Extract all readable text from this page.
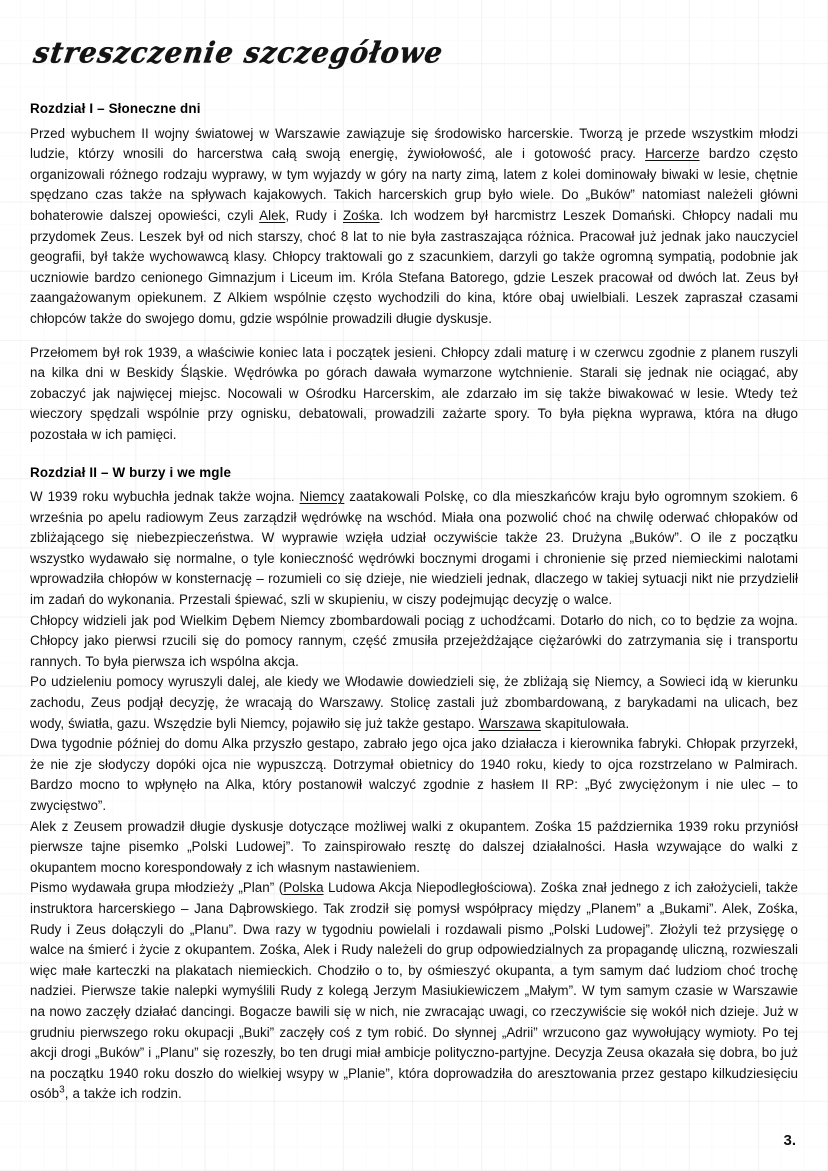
streszczenie szczegółowe
Rozdział I – Słoneczne dni

Przed wybuchem II wojny światowej w Warszawie zawiązuje się środowisko harcerskie. Tworzą je przede wszystkim młodzi ludzie, którzy wnosili do harcerstwa całą swoją energię, żywiołowość, ale i gotowość pracy. Harcerze bardzo często organizowali różnego rodzaju wyprawy, w tym wyjazdy w góry na narty zimą, latem z kolei dominowały biwaki w lesie, chętnie spędzano czas także na spływach kajakowych. Takich harcerskich grup było wiele. Do „Buków” natomiast należeli główni bohaterowie dalszej opowieści, czyli Alek, Rudy i Zośka. Ich wodzem był harcmistrz Leszek Domański. Chłopcy nadali mu przydomek Zeus. Leszek był od nich starszy, choć 8 lat to nie była zastraszająca różnica. Pracował już jednak jako nauczyciel geografii, był także wychowawcą klasy. Chłopcy traktowali go z szacunkiem, darzyli go także ogromną sympatią, podobnie jak uczniowie bardzo cenionego Gimnazjum i Liceum im. Króla Stefana Batorego, gdzie Leszek pracował od dwóch lat. Zeus był zaangażowanym opiekunem. Z Alkiem wspólnie często wychodzili do kina, które obaj uwielbiali. Leszek zapraszał czasami chłopców także do swojego domu, gdzie wspólnie prowadzili długie dyskusje.

Przełomem był rok 1939, a właściwie koniec lata i początek jesieni. Chłopcy zdali maturę i w czerwcu zgodnie z planem ruszyli na kilka dni w Beskidy Śląskie. Wędrówka po górach dawała wymarzone wytchnienie. Starali się jednak nie ociągać, aby zobaczyć jak najwięcej miejsc. Nocowali w Ośrodku Harcerskim, ale zdarzało im się także biwakować w lesie. Wtedy też wieczory spędzali wspólnie przy ognisku, debatowali, prowadzili zażarte spory. To była piękna wyprawa, która na długo pozostała w ich pamięci.

Rozdział II – W burzy i we mgle

W 1939 roku wybuchła jednak także wojna. Niemcy zaatakowali Polskę, co dla mieszkańców kraju było ogromnym szokiem. 6 września po apelu radiowym Zeus zarządził wędrówkę na wschód. Miała ona pozwolić choć na chwilę oderwać chłopaków od zbliżającego się niebezpieczeństwa. W wyprawie wzięła udział oczywiście także 23. Drużyna „Buków”. O ile z początku wszystko wydawało się normalne, o tyle konieczność wędrówki bocznymi drogami i chronienie się przed niemieckimi nalotami wprowadziła chłopów w konsternację – rozumieli co się dzieje, nie wiedzieli jednak, dlaczego w takiej sytuacji nikt nie przydzielił im zadań do wykonania. Przestali śpiewać, szli w skupieniu, w ciszy podejmując decyzję o walce.

Chłopcy widzieli jak pod Wielkim Dębem Niemcy zbombardowali pociąg z uchodźcami. Dotarło do nich, co to będzie za wojna. Chłopcy jako pierwsi rzucili się do pomocy rannym, część zmusiła przejeżdżające ciężarówki do zatrzymania się i transportu rannych. To była pierwsza ich wspólna akcja.

Po udzieleniu pomocy wyruszyli dalej, ale kiedy we Włodawie dowiedzieli się, że zbliżają się Niemcy, a Sowieci idą w kierunku zachodu, Zeus podjął decyzję, że wracają do Warszawy. Stolicę zastali już zbombardowaną, z barykadami na ulicach, bez wody, światła, gazu. Wszędzie byli Niemcy, pojawiło się już także gestapo. Warszawa skapitulowała.

Dwa tygodnie później do domu Alka przyszło gestapo, zabrało jego ojca jako działacza i kierownika fabryki. Chłopak przyrzekł, że nie zje słodyczy dopóki ojca nie wypuszczą. Dotrzymał obietnicy do 1940 roku, kiedy to ojca rozstrzelano w Palmirach. Bardzo mocno to wpłynęło na Alka, który postanowił walczyć zgodnie z hasłem II RP: „Być zwyciężonym i nie ulec – to zwycięstwo”.

Alek z Zeusem prowadził długie dyskusje dotyczące możliwej walki z okupantem. Zośka 15 października 1939 roku przyniósł pierwsze tajne pisemko „Polski Ludowej”. To zainspirowało resztę do dalszej działalności. Hasła wzywające do walki z okupantem mocno korespondowały z ich własnym nastawieniem.

Pismo wydawała grupa młodzieży „Plan” (Polska Ludowa Akcja Niepodległościowa). Zośka znał jednego z ich założycieli, także instruktora harcerskiego – Jana Dąbrowskiego. Tak zrodził się pomysł współpracy między „Planem” a „Bukami”. Alek, Zośka, Rudy i Zeus dołączyli do „Planu”. Dwa razy w tygodniu powielali i rozdawali pismo „Polski Ludowej”. Złożyli też przysięgę o walce na śmierć i życie z okupantem. Zośka, Alek i Rudy należeli do grup odpowiedzialnych za propagandę uliczną, rozwieszali więc małe karteczki na plakatach niemieckich. Chodziło o to, by ośmieszyć okupanta, a tym samym dać ludziom choć trochę nadziei. Pierwsze takie nalepki wymyślili Rudy z kolegą Jerzym Masiukiewiczem „Małym”. W tym samym czasie w Warszawie na nowo zaczęły działać dancingi. Bogacze bawili się w nich, nie zwracając uwagi, co rzeczywiście się wokół nich dzieje. Już w grudniu pierwszego roku okupacji „Buki” zaczęły coś z tym robić. Do słynnej „Adrii” wrzucono gaz wywołujący wymioty. Po tej akcji drogi „Buków” i „Planu” się rozeszły, bo ten drugi miał ambicje polityczno-partyjne. Decyzja Zeusa okazała się dobra, bo już na początku 1940 roku doszło do wielkiej wsypy w „Planie”, która doprowadziła do aresztowania przez gestapo kilkudziesięciu osób$^3$, a także ich rodzin.

3.
